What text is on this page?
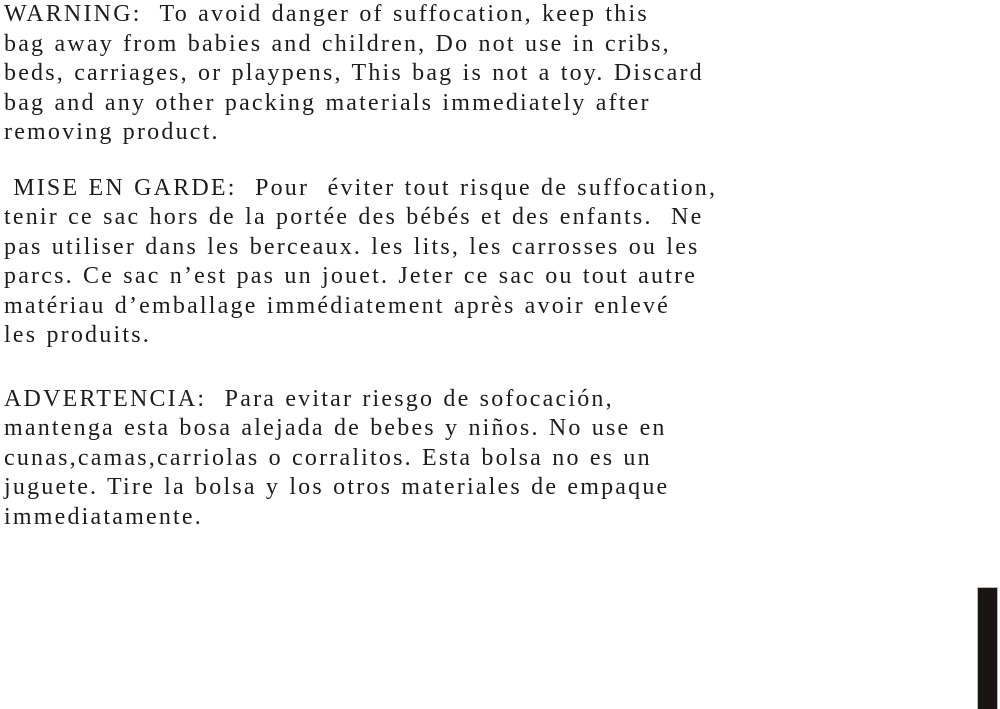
WARNING:  To avoid danger of suffocation, keep this
bag away from babies and children, Do not use in cribs,
beds, carriages, or playpens, This bag is not a toy. Discard
bag and any other packing materials immediately after
removing product.
MISE EN GARDE:  Pour  éviter tout risque de suffocation,
tenir ce sac hors de la portée des bébés et des enfants.  Ne
pas utiliser dans les berceaux. les lits, les carrosses ou les
parcs. Ce sac n’est pas un jouet. Jeter ce sac ou tout autre
matériau d’emballage immédiatement après avoir enlevé
les produits.
ADVERTENCIA:  Para evitar riesgo de sofocación,
mantenga esta bosa alejada de bebes y niños. No use en
cunas,camas,carriolas o corralitos. Esta bolsa no es un
juguete. Tire la bolsa y los otros materiales de empaque
immediatamente.
